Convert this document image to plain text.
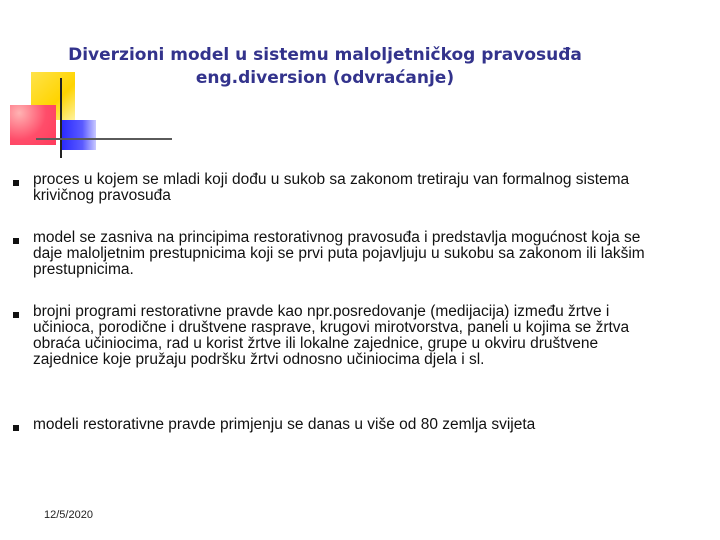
Diverzioni model u sistemu maloljetničkog pravosuđa
eng.diversion (odvraćanje)
proces u kojem se mladi koji dođu u sukob sa zakonom tretiraju van formalnog sistema krivičnog pravosuđa
model se zasniva na principima restorativnog pravosuđa i predstavlja mogućnost koja se daje maloljetnim prestupnicima koji se prvi puta pojavljuju u sukobu sa zakonom ili lakšim prestupnicima.
brojni programi restorativne pravde kao npr.posredovanje (medijacija) između žrtve i učinioca, porodične i društvene rasprave, krugovi mirotvorstva, paneli u kojima se žrtva obraća učiniocima, rad u korist žrtve ili lokalne zajednice, grupe u okviru društvene zajednice koje pružaju podršku žrtvi odnosno učiniocima djela i sl.
modeli restorativne pravde primjenju se danas u više od 80 zemlja svijeta
12/5/2020
